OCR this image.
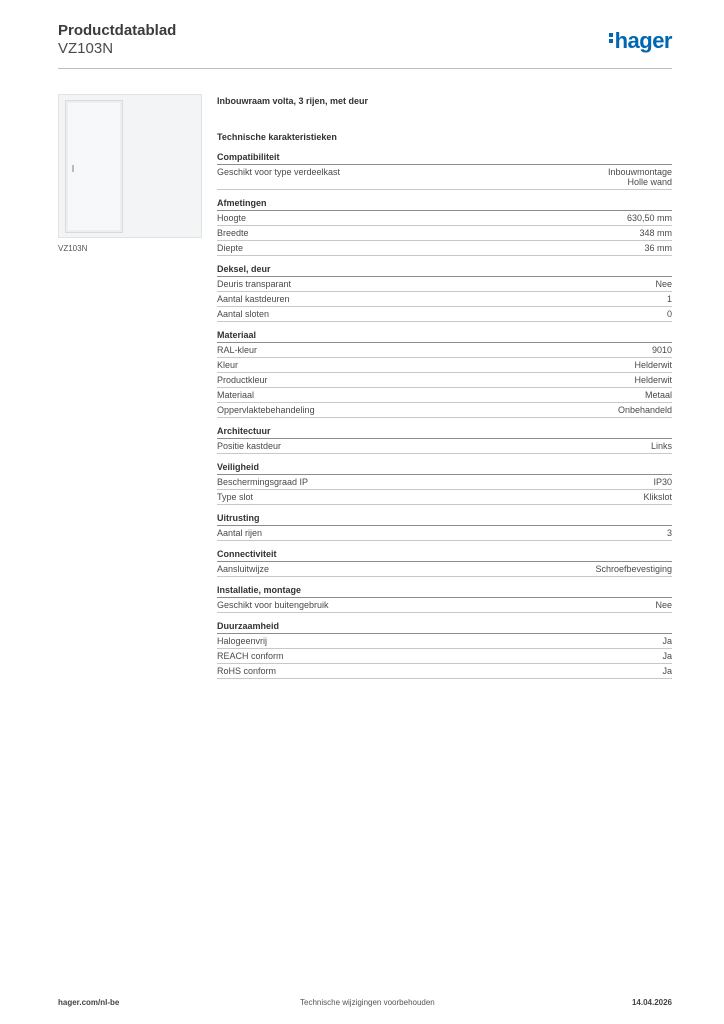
Productdatablad
VZ103N	hager
VZ103N
Inbouwraam volta, 3 rijen, met deur
Technische karakteristieken
Compatibiliteit
Geschikt voor type verdeelkast	Inbouwmontage
Holle wand
Afmetingen
Hoogte	630,50 mm
Breedte	348 mm
Diepte	36 mm
Deksel, deur
Deuris transparant	Nee
Aantal kastdeuren	1
Aantal sloten	0
Materiaal
RAL-kleur	9010
Kleur	Helderwit
Productkleur	Helderwit
Materiaal	Metaal
Oppervlaktebehandeling	Onbehandeld
Architectuur
Positie kastdeur	Links
Veiligheid
Beschermingsgraad IP	IP30
Type slot	Klikslot
Uitrusting
Aantal rijen	3
Connectiviteit
Aansluitwijze	Schroefbevestiging
Installatie, montage
Geschikt voor buitengebruik	Nee
Duurzaamheid
Halogeenvrij	Ja
REACH conform	Ja
RoHS conform	Ja
hager.com/nl-be	Technische wijzigingen voorbehouden	14.04.2026
